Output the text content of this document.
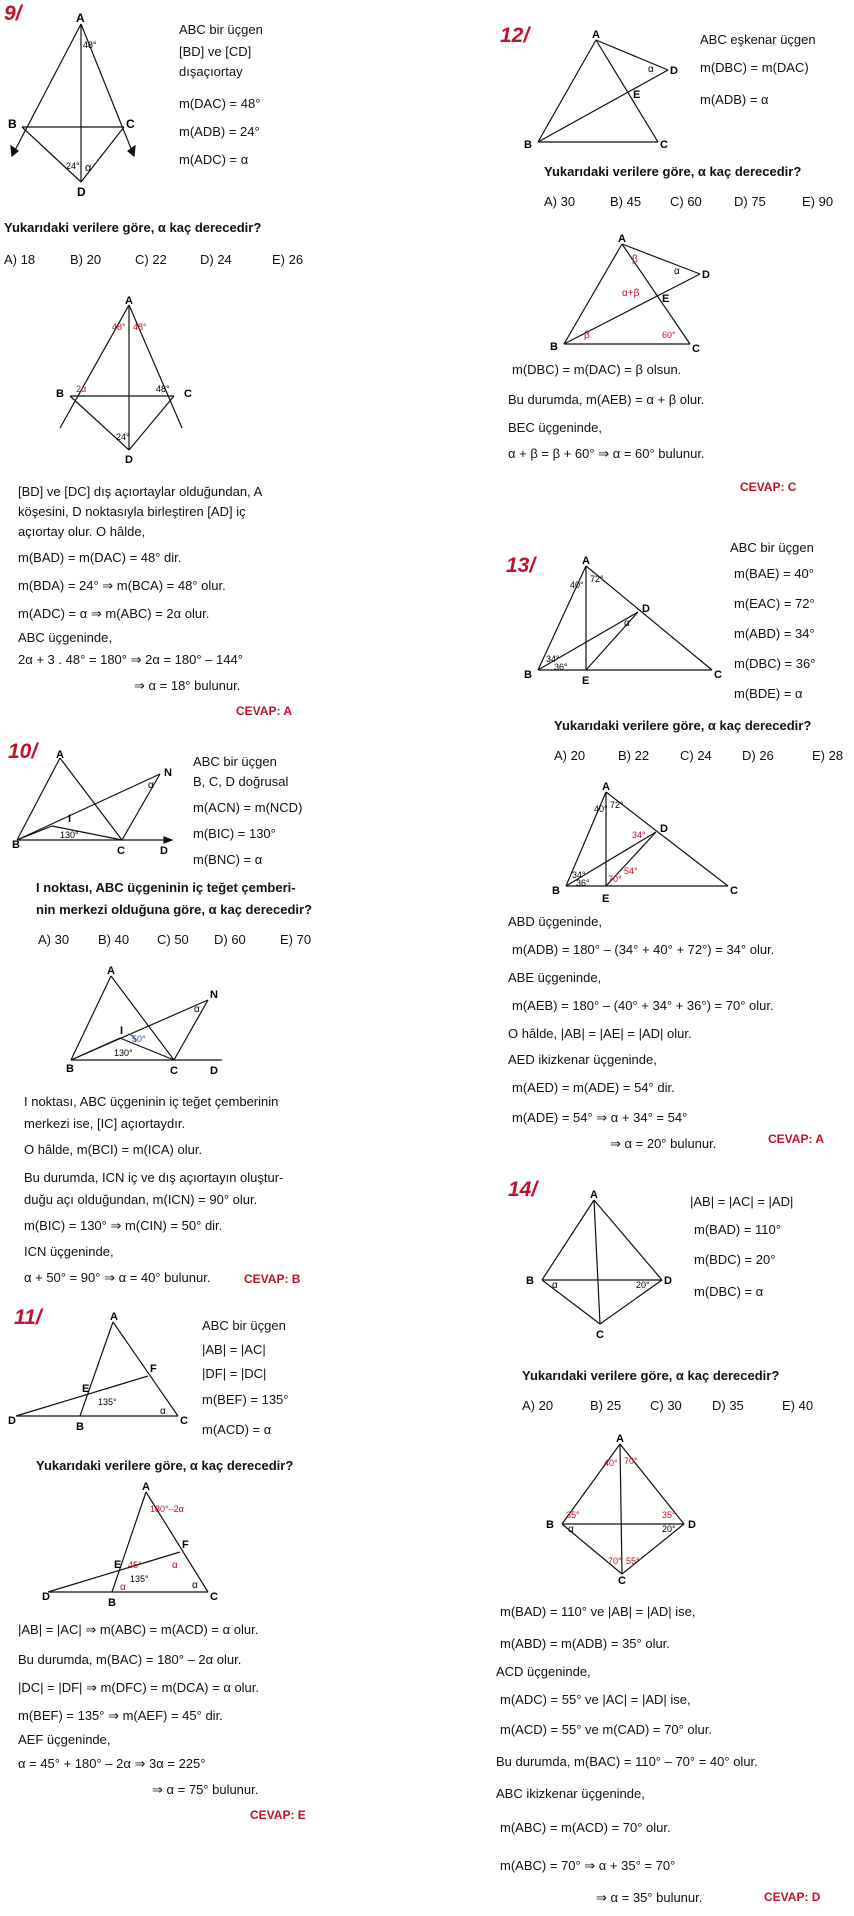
9/	A
B	C
D
48°
24° α
ABC bir üçgen
[BD] ve [CD]
dışaçıortay
m(DAC) = 48°
m(ADB) = 24°
m(ADC) = α
Yukarıdaki verilere göre, α kaç derecedir?
A) 18	B) 20	C) 22	D) 24	E) 26
A
B	C
D
48° 48°
2α	48°
24°
[BD] ve [DC] dış açıortaylar olduğundan, A
köşesini, D noktasıyla birleştiren [AD] iç
açıortay olur. O hâlde,
m(BAD) = m(DAC) = 48° dir.
m(BDA) = 24° ⇒ m(BCA) = 48° olur.
m(ADC) = α ⇒ m(ABC) = 2α olur.
ABC üçgeninde,
2α + 3 . 48° = 180° ⇒ 2α = 180° – 144°
⇒ α = 18° bulunur.
CEVAP: A
10/ A
N
B	C	D
I
130°
α
ABC bir üçgen
B, C, D doğrusal
m(ACN) = m(NCD)
m(BIC) = 130°
m(BNC) = α
I noktası, ABC üçgeninin iç teğet çemberi-
nin merkezi olduğuna göre, α kaç derecedir?
A) 30 B) 40 C) 50 D) 60	E) 70
A
N
B	C	D
I
50°
130°
α
I noktası, ABC üçgeninin iç teğet çemberinin
merkezi ise, [IC] açıortaydır.
O hâlde, m(BCI) = m(ICA) olur.
Bu durumda, ICN iç ve dış açıortayın oluştur-
duğu açı olduğundan, m(ICN) = 90° olur.
m(BIC) = 130° ⇒ m(CIN) = 50° dir.
ICN üçgeninde,
α + 50° = 90° ⇒ α = 40° bulunur.	CEVAP: B
11/	A
F
E
D	B	C
135°
α
ABC bir üçgen
|AB| = |AC|
|DF| = |DC|
m(BEF) = 135°
m(ACD) = α
Yukarıdaki verilere göre, α kaç derecedir?
A
F
E
D	B	C
180°–2α
45°
135°
α
α	α
|AB| = |AC| ⇒ m(ABC) = m(ACD) = α olur.
Bu durumda, m(BAC) = 180° – 2α olur.
|DC| = |DF| ⇒ m(DFC) = m(DCA) = α olur.
m(BEF) = 135° ⇒ m(AEF) = 45° dir.
AEF üçgeninde,
α = 45° + 180° – 2α ⇒ 3α = 225°
⇒ α = 75° bulunur.
CEVAP: E
12/	A
D
E
B	C
α
ABC eşkenar üçgen
m(DBC) = m(DAC)
m(ADB) = α
Yukarıdaki verilere göre, α kaç derecedir?
A) 30	B) 45 C) 60 D) 75	E) 90
A
D
E
B	C
β
α
α+β
β	60°
m(DBC) = m(DAC) = β olsun.
Bu durumda, m(AEB) = α + β olur.
BEC üçgeninde,
α + β = β + 60° ⇒ α = 60° bulunur.
CEVAP: C
13/	A
D
B	E	C
40°
72°
34°
36°
α
ABC bir üçgen
m(BAE) = 40°
m(EAC) = 72°
m(ABD) = 34°
m(DBC) = 36°
m(BDE) = α
Yukarıdaki verilere göre, α kaç derecedir?
A) 20	B) 22 C) 24 D) 26	E) 28
A
D
B
E
C
40° 72°
34°
34°
36° 70°
54°
ABD üçgeninde,
m(ADB) = 180° – (34° + 40° + 72°) = 34° olur.
ABE üçgeninde,
m(AEB) = 180° – (40° + 34° + 36°) = 70° olur.
O hâlde, |AB| = |AE| = |AD| olur.
AED ikizkenar üçgeninde,
m(AED) = m(ADE) = 54° dir.
m(ADE) = 54° ⇒ α + 34° = 54°
⇒ α = 20° bulunur.	CEVAP: A
14/	A
B	D
C
α	20°
|AB| = |AC| = |AD|
m(BAD) = 110°
m(BDC) = 20°
m(DBC) = α
Yukarıdaki verilere göre, α kaç derecedir?
A) 20	B) 25 C) 30 D) 35	E) 40
A
B	D
C
40° 70°
35°
α
35°
20°
70° 55°
m(BAD) = 110° ve |AB| = |AD| ise,
m(ABD) = m(ADB) = 35° olur.
ACD üçgeninde,
m(ADC) = 55° ve |AC| = |AD| ise,
m(ACD) = 55° ve m(CAD) = 70° olur.
Bu durumda, m(BAC) = 110° – 70° = 40° olur.
ABC ikizkenar üçgeninde,
m(ABC) = m(ACD) = 70° olur.
m(ABC) = 70° ⇒ α + 35° = 70°
⇒ α = 35° bulunur.	CEVAP: D
